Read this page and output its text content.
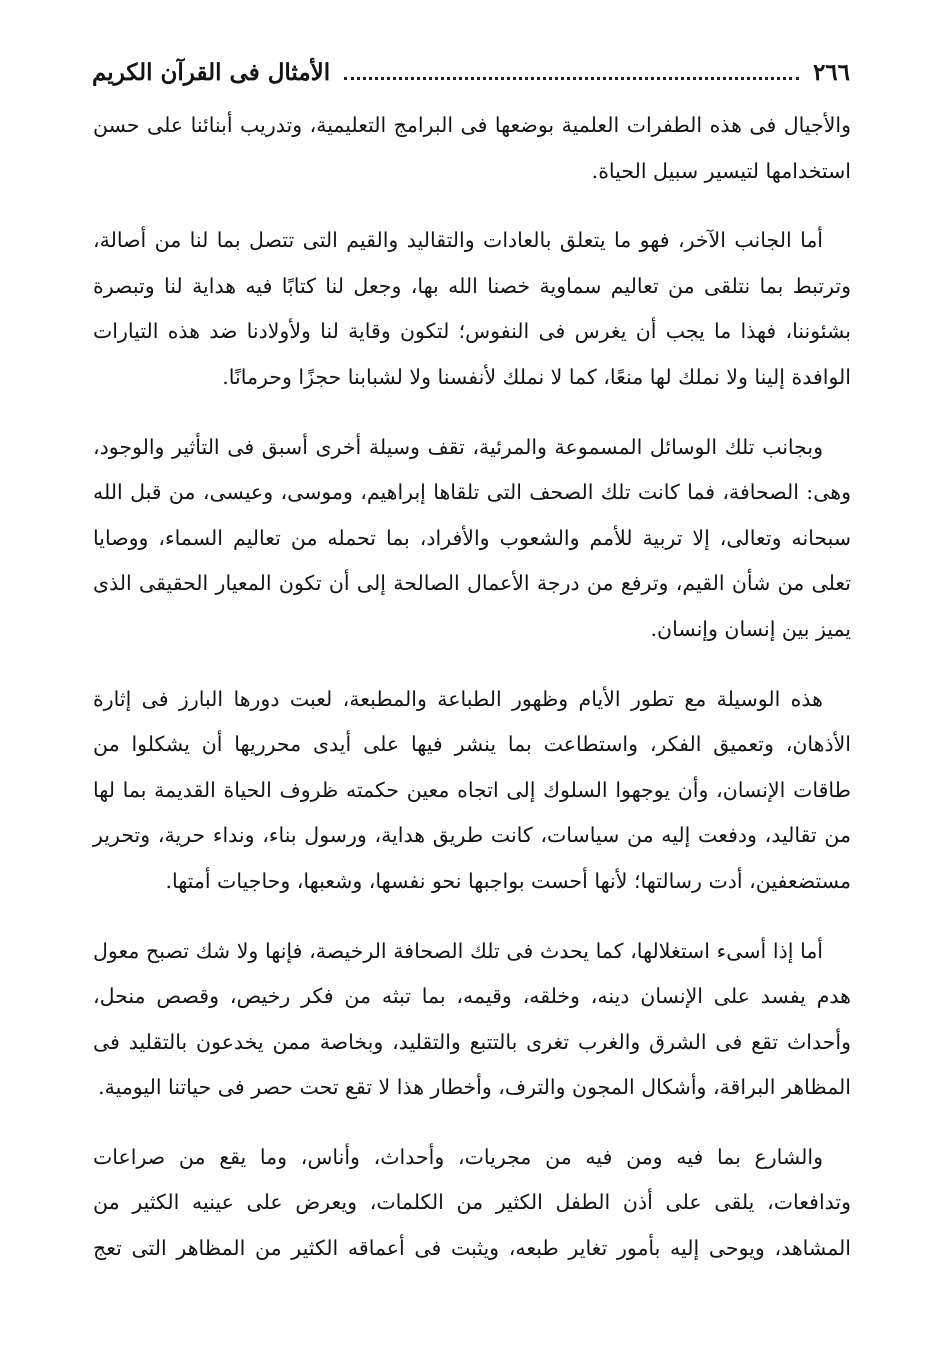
٢٦٦
الأمثال فى القرآن الكريم

والأجيال فى هذه الطفرات العلمية بوضعها فى البرامج التعليمية، وتدريب أبنائنا على حسن استخدامها لتيسير سبيل الحياة.

أما الجانب الآخر، فهو ما يتعلق بالعادات والتقاليد والقيم التى تتصل بما لنا من أصالة، وترتبط بما نتلقى من تعاليم سماوية خصنا الله بها، وجعل لنا كتابًا فيه هداية لنا وتبصرة بشئوننا، فهذا ما يجب أن يغرس فى النفوس؛ لتكون وقاية لنا ولأولادنا ضد هذه التيارات الوافدة إلينا ولا نملك لها منعًا، كما لا نملك لأنفسنا ولا لشبابنا حجزًا وحرمانًا.

وبجانب تلك الوسائل المسموعة والمرئية، تقف وسيلة أخرى أسبق فى التأثير والوجود، وهى: الصحافة، فما كانت تلك الصحف التى تلقاها إبراهيم، وموسى، وعيسى، من قبل الله سبحانه وتعالى، إلا تربية للأمم والشعوب والأفراد، بما تحمله من تعاليم السماء، ووصايا تعلى من شأن القيم، وترفع من درجة الأعمال الصالحة إلى أن تكون المعيار الحقيقى الذى يميز بين إنسان وإنسان.

هذه الوسيلة مع تطور الأيام وظهور الطباعة والمطبعة، لعبت دورها البارز فى إثارة الأذهان، وتعميق الفكر، واستطاعت بما ينشر فيها على أيدى محرريها أن يشكلوا من طاقات الإنسان، وأن يوجهوا السلوك إلى اتجاه معين حكمته ظروف الحياة القديمة بما لها من تقاليد، ودفعت إليه من سياسات، كانت طريق هداية، ورسول بناء، ونداء حرية، وتحرير مستضعفين، أدت رسالتها؛ لأنها أحست بواجبها نحو نفسها، وشعبها، وحاجيات أمتها.

أما إذا أسىء استغلالها، كما يحدث فى تلك الصحافة الرخيصة، فإنها ولا شك تصبح معول هدم يفسد على الإنسان دينه، وخلقه، وقيمه، بما تبثه من فكر رخيص، وقصص منحل، وأحداث تقع فى الشرق والغرب تغرى بالتتبع والتقليد، وبخاصة ممن يخدعون بالتقليد فى المظاهر البراقة، وأشكال المجون والترف، وأخطار هذا لا تقع تحت حصر فى حياتنا اليومية.

والشارع بما فيه ومن فيه من مجريات، وأحداث، وأناس، وما يقع من صراعات وتدافعات، يلقى على أذن الطفل الكثير من الكلمات، ويعرض على عينيه الكثير من المشاهد، ويوحى إليه بأمور تغاير طبعه، ويثبت فى أعماقه الكثير من المظاهر التى تعج
